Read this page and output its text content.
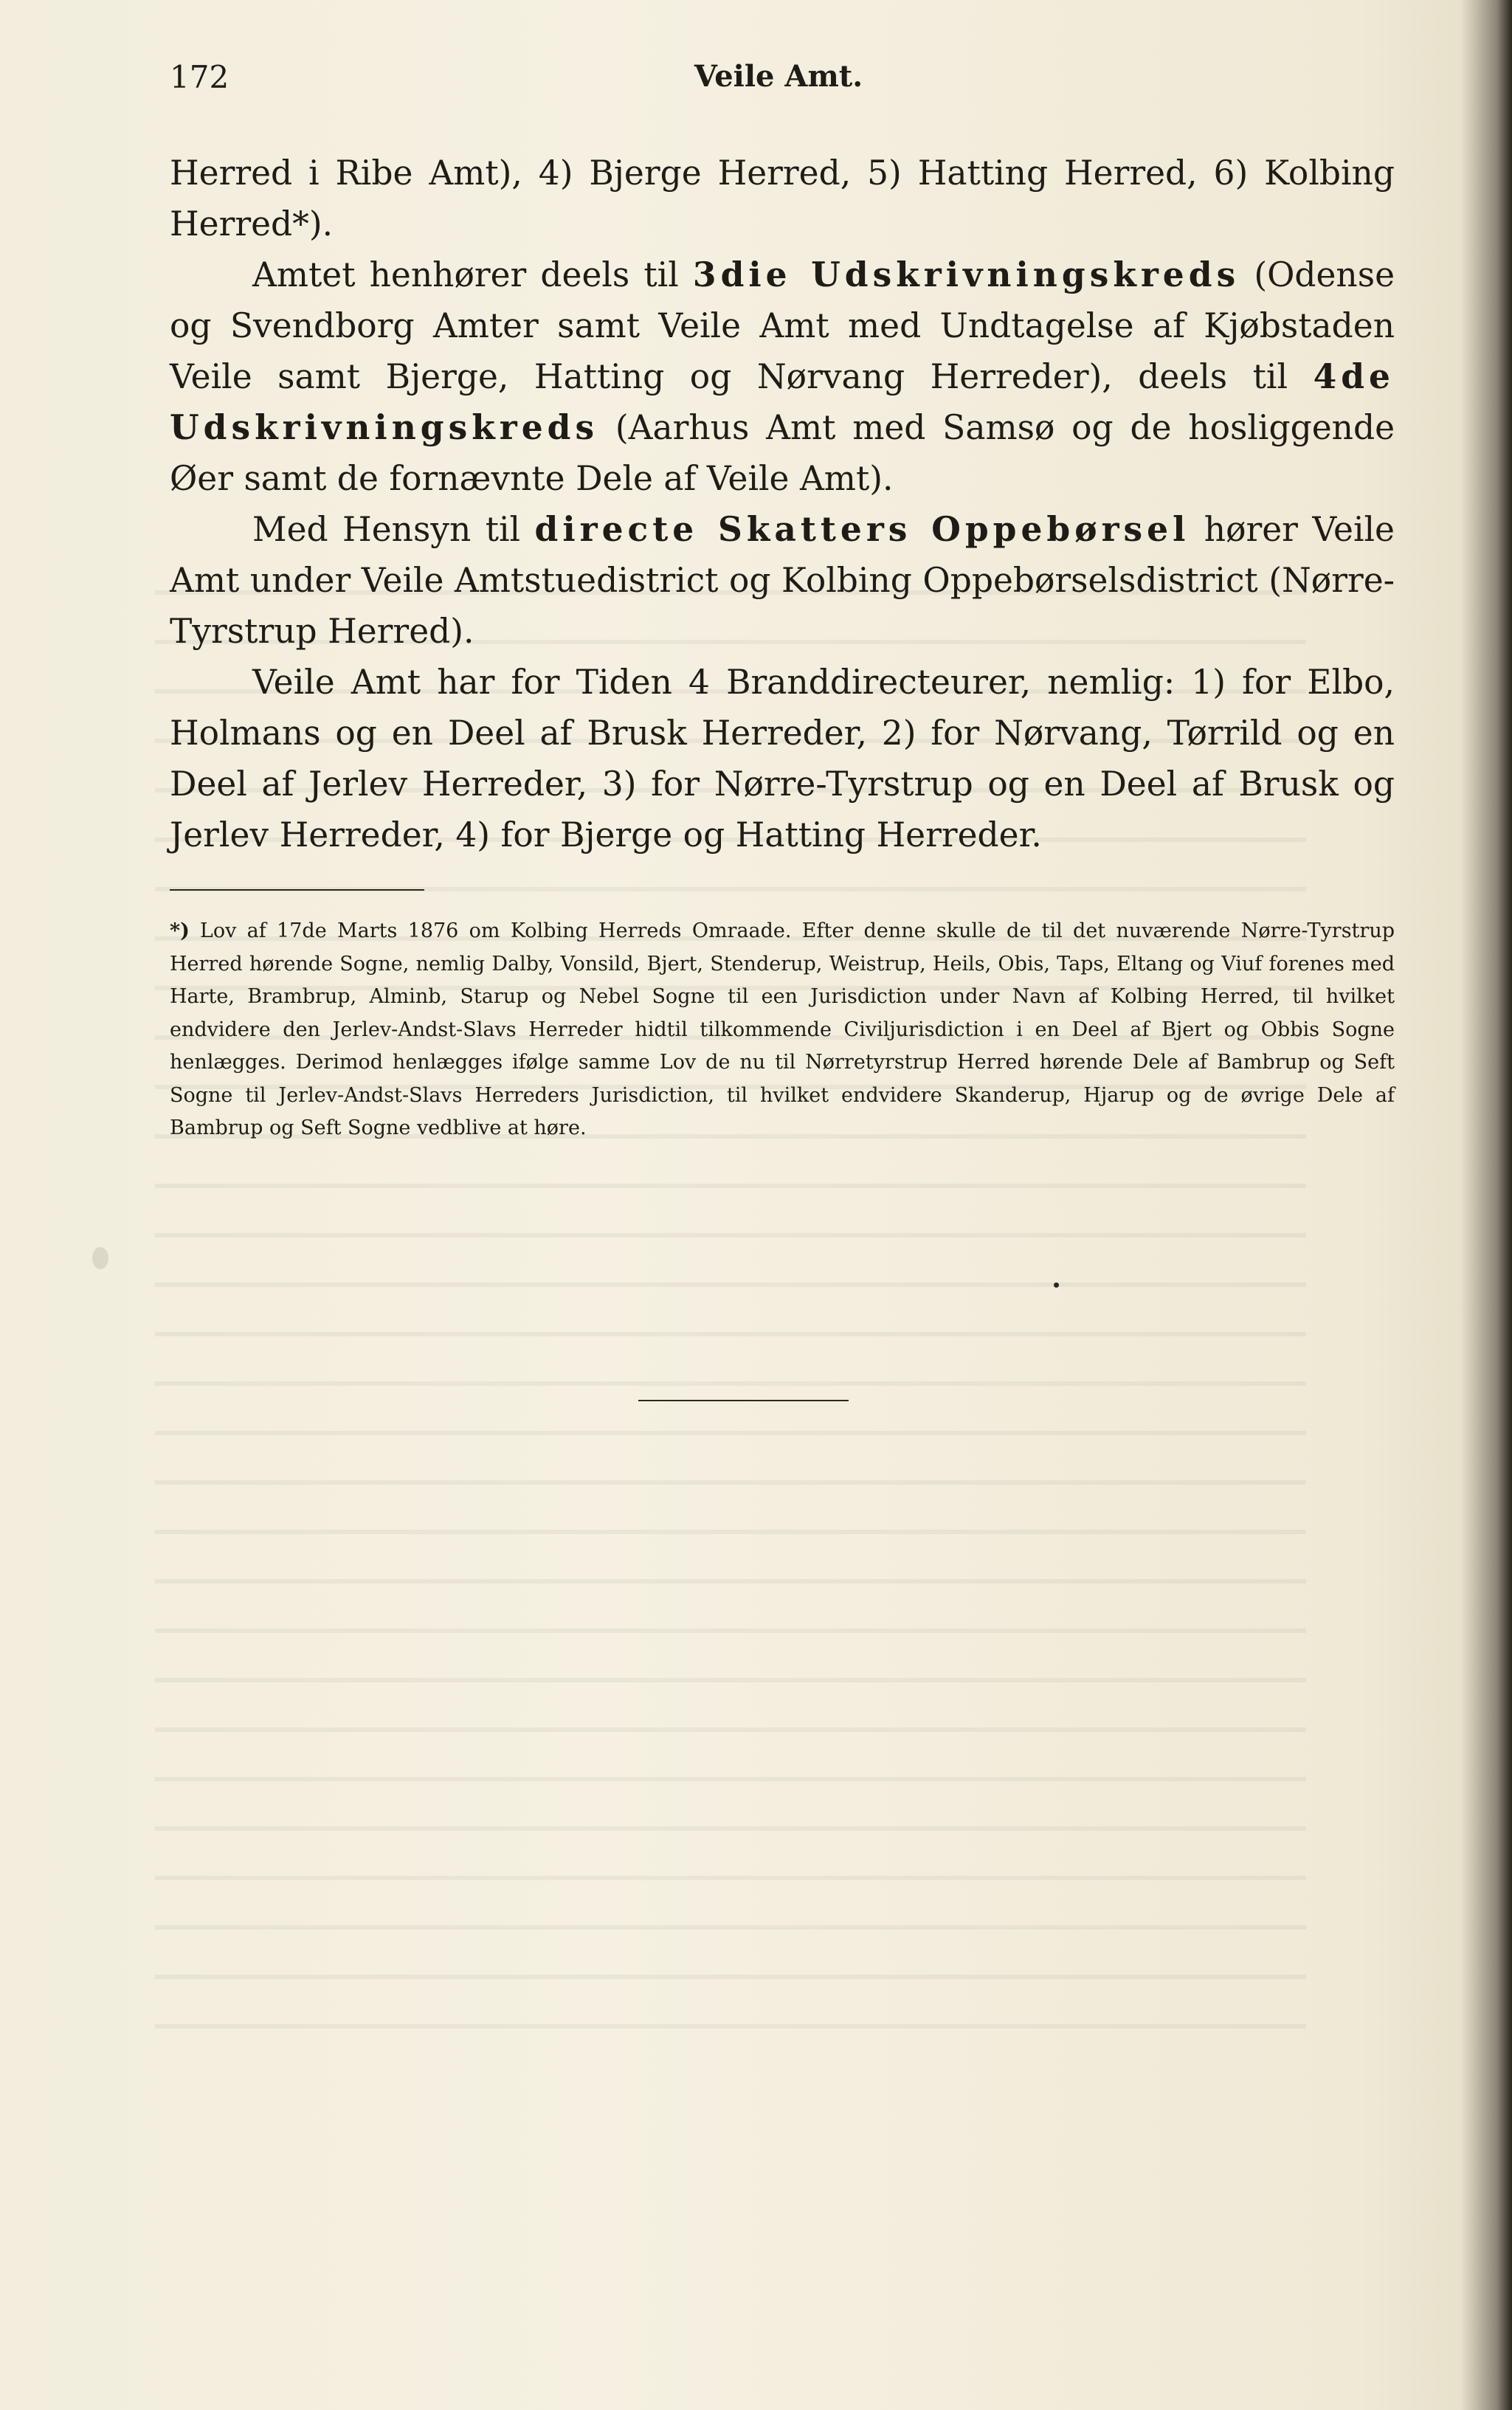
172	Veile Amt.

Herred i Ribe Amt), 4) Bjerge Herred, 5) Hatting Herred, 6) Kolbing Herred*).

Amtet henhører deels til 3die Udskrivningskreds (Odense og Svendborg Amter samt Veile Amt med Undtagelse af Kjøbstaden Veile samt Bjerge, Hatting og Nørvang Herreder), deels til 4de Udskrivningskreds (Aarhus Amt med Samsø og de hosliggende Øer samt de fornævnte Dele af Veile Amt).

Med Hensyn til directe Skatters Oppebørsel hører Veile Amt under Veile Amtstuedistrict og Kolbing Oppebørselsdistrict (Nørre-Tyrstrup Herred).

Veile Amt har for Tiden 4 Branddirecteurer, nemlig: 1) for Elbo, Holmans og en Deel af Brusk Herreder, 2) for Nørvang, Tørrild og en Deel af Jerlev Herreder, 3) for Nørre-Tyrstrup og en Deel af Brusk og Jerlev Herreder, 4) for Bjerge og Hatting Herreder.

*) Lov af 17de Marts 1876 om Kolbing Herreds Omraade. Efter denne skulle de til det nuværende Nørre-Tyrstrup Herred hørende Sogne, nemlig Dalby, Vonsild, Bjert, Stenderup, Weistrup, Heils, Obis, Taps, Eltang og Viuf forenes med Harte, Brambrup, Alminb, Starup og Nebel Sogne til een Jurisdiction under Navn af Kolbing Herred, til hvilket endvidere den Jerlev-Andst-Slavs Herreder hidtil tilkommende Civiljurisdiction i en Deel af Bjert og Obbis Sogne henlægges. Derimod henlægges ifølge samme Lov de nu til Nørretyrstrup Herred hørende Dele af Bambrup og Seft Sogne til Jerlev-Andst-Slavs Herreders Jurisdiction, til hvilket endvidere Skanderup, Hjarup og de øvrige Dele af Bambrup og Seft Sogne vedblive at høre.
